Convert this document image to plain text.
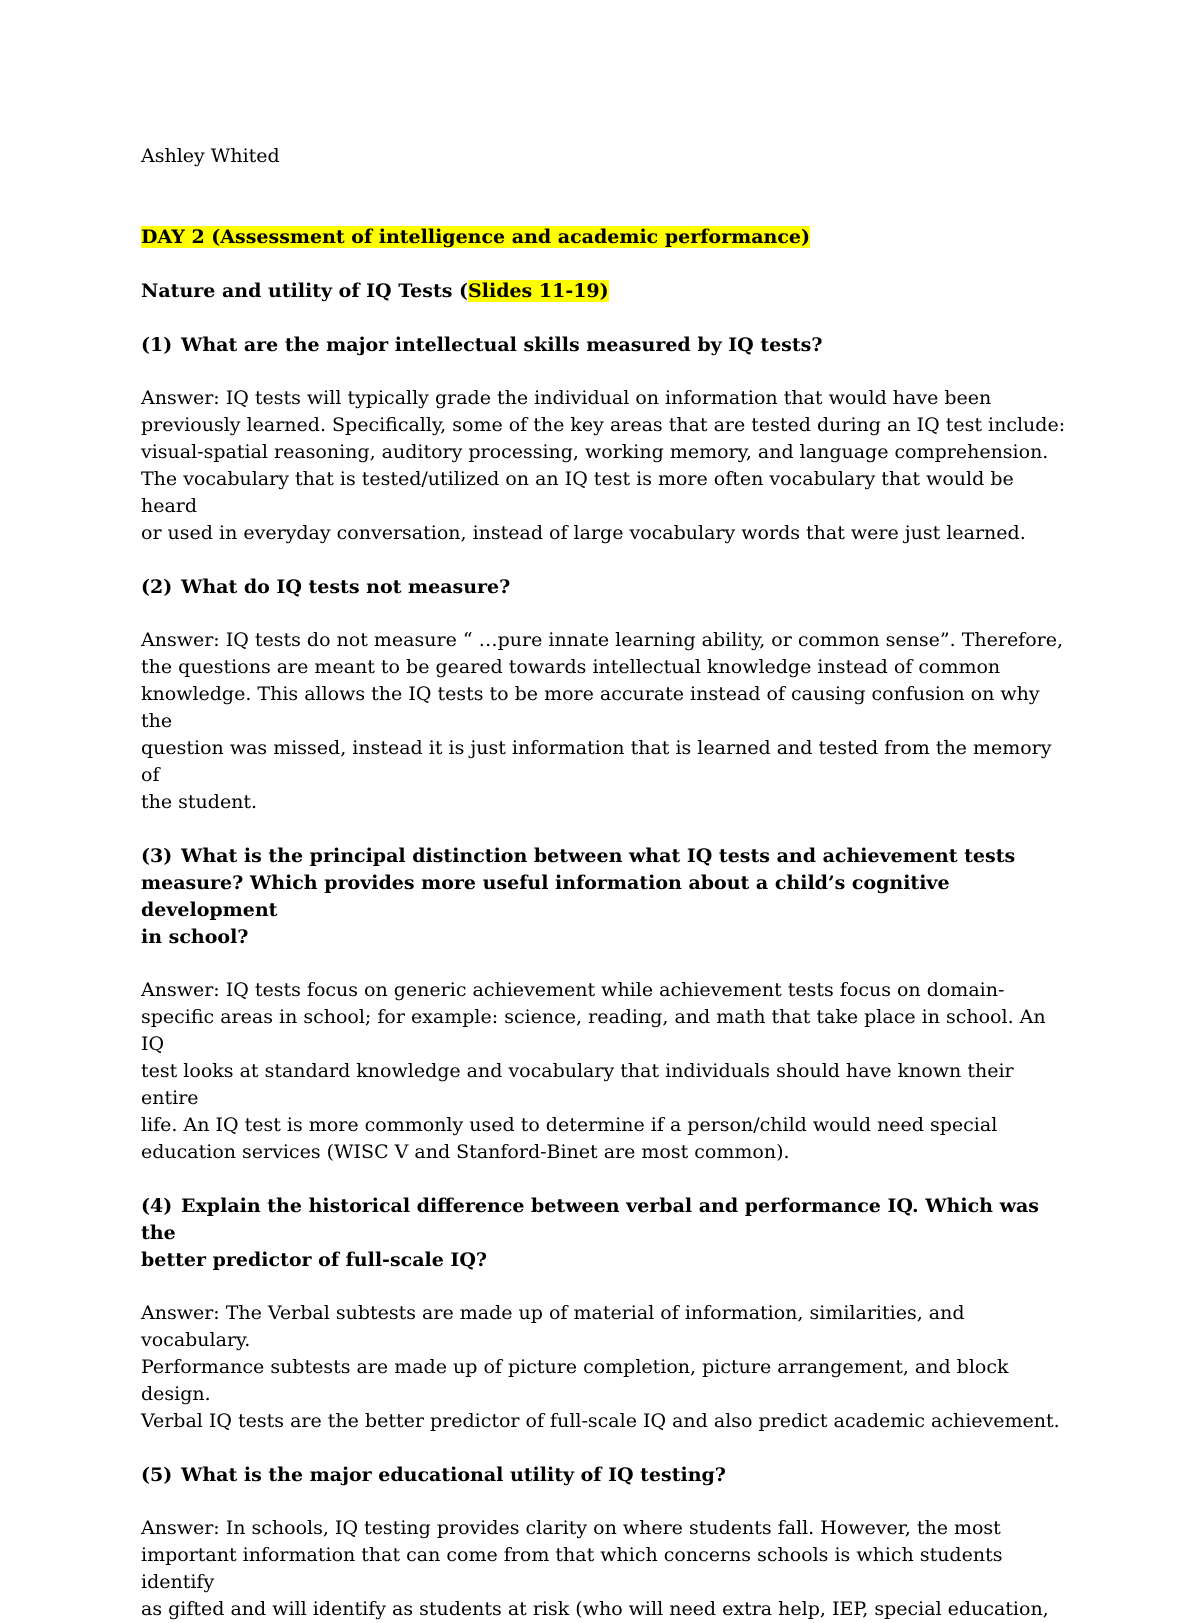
Ashley Whited

DAY 2 (Assessment of intelligence and academic performance)

Nature and utility of IQ Tests (Slides 11-19)

(1) What are the major intellectual skills measured by IQ tests?

Answer: IQ tests will typically grade the individual on information that would have been
previously learned. Specifically, some of the key areas that are tested during an IQ test include:
visual-spatial reasoning, auditory processing, working memory, and language comprehension.
The vocabulary that is tested/utilized on an IQ test is more often vocabulary that would be heard
or used in everyday conversation, instead of large vocabulary words that were just learned.

(2) What do IQ tests not measure?

Answer: IQ tests do not measure “ …pure innate learning ability, or common sense”. Therefore,
the questions are meant to be geared towards intellectual knowledge instead of common
knowledge. This allows the IQ tests to be more accurate instead of causing confusion on why the
question was missed, instead it is just information that is learned and tested from the memory of
the student.
(3) What is the principal distinction between what IQ tests and achievement tests
measure? Which provides more useful information about a child’s cognitive development
in school?
Answer: IQ tests focus on generic achievement while achievement tests focus on domain-
specific areas in school; for example: science, reading, and math that take place in school. An IQ
test looks at standard knowledge and vocabulary that individuals should have known their entire
life. An IQ test is more commonly used to determine if a person/child would need special
education services (WISC V and Stanford-Binet are most common).
(4) Explain the historical difference between verbal and performance IQ. Which was the
better predictor of full-scale IQ?
Answer: The Verbal subtests are made up of material of information, similarities, and vocabulary.
Performance subtests are made up of picture completion, picture arrangement, and block design.
Verbal IQ tests are the better predictor of full-scale IQ and also predict academic achievement.

(5) What is the major educational utility of IQ testing?

Answer: In schools, IQ testing provides clarity on where students fall. However, the most
important information that can come from that which concerns schools is which students identify
as gifted and will identify as students at risk (who will need extra help, IEP, special education,
